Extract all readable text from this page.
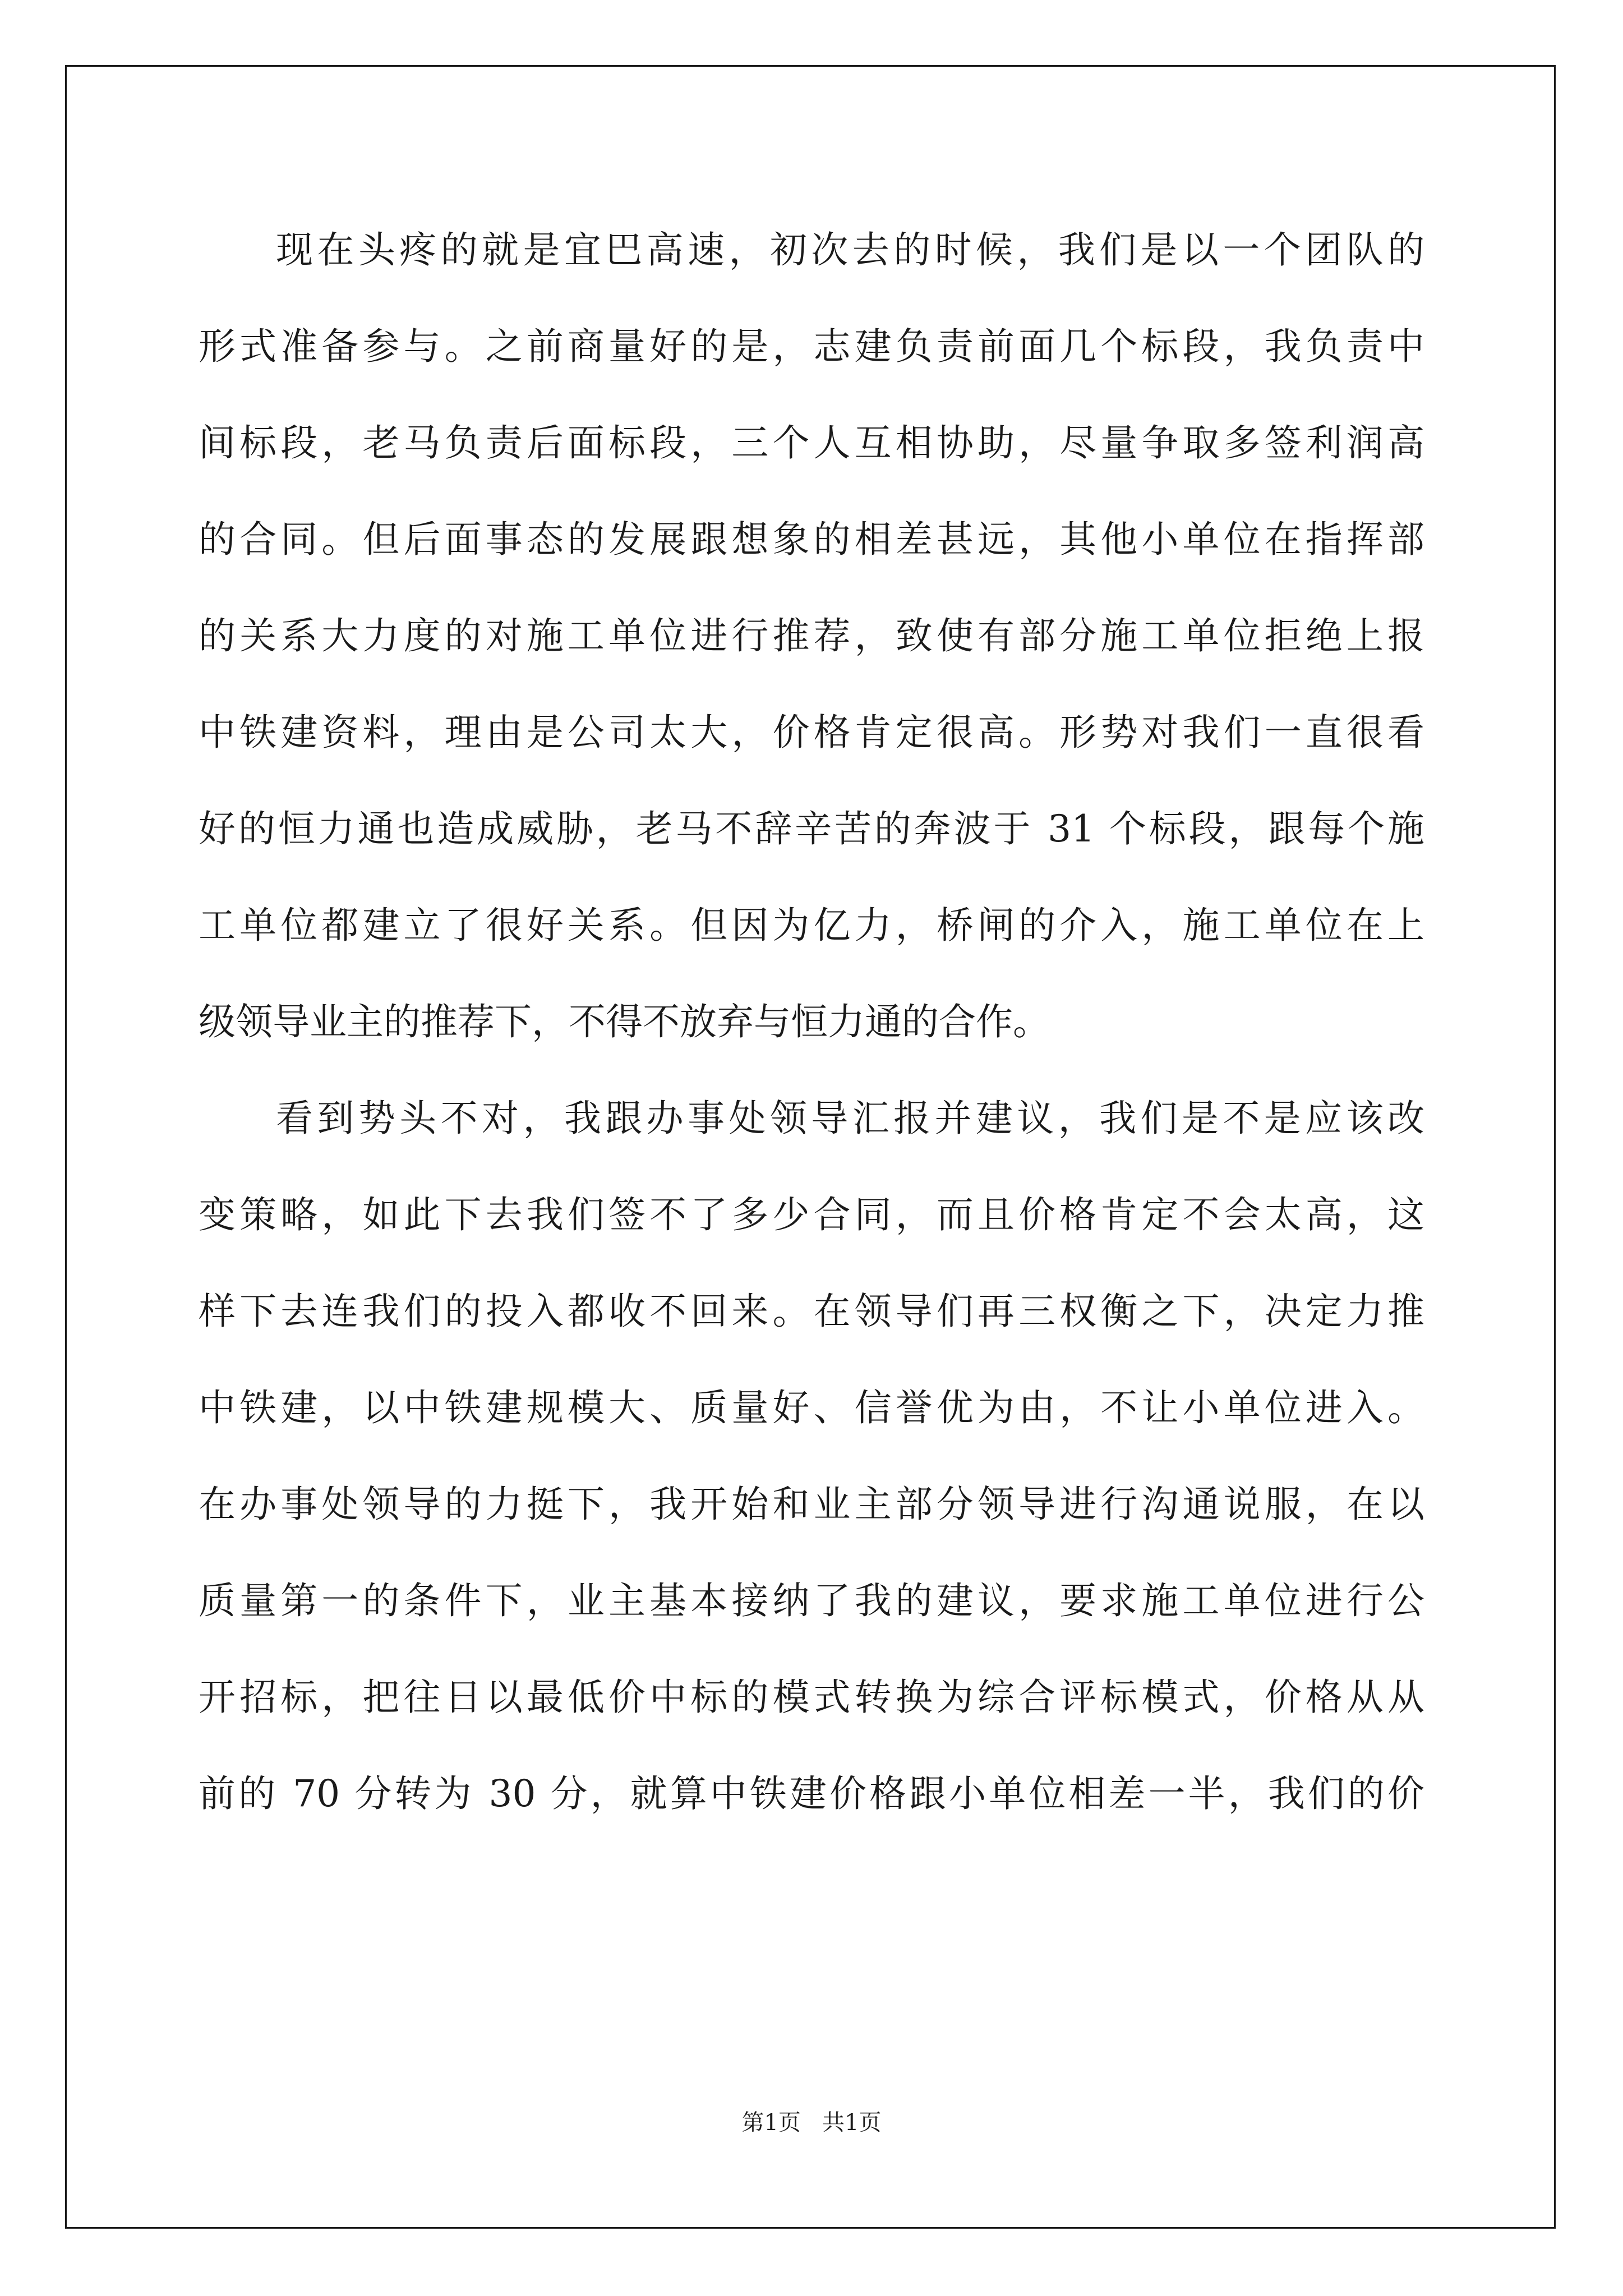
现在头疼的就是宜巴高速，初次去的时候，我们是以一个团队的
形式准备参与。之前商量好的是，志建负责前面几个标段，我负责中
间标段，老马负责后面标段，三个人互相协助，尽量争取多签利润高
的合同。但后面事态的发展跟想象的相差甚远，其他小单位在指挥部
的关系大力度的对施工单位进行推荐，致使有部分施工单位拒绝上报
中铁建资料，理由是公司太大，价格肯定很高。形势对我们一直很看
好的恒力通也造成威胁，老马不辞辛苦的奔波于 31 个标段，跟每个施
工单位都建立了很好关系。但因为亿力，桥闸的介入，施工单位在上
级领导业主的推荐下，不得不放弃与恒力通的合作。
看到势头不对，我跟办事处领导汇报并建议，我们是不是应该改
变策略，如此下去我们签不了多少合同，而且价格肯定不会太高，这
样下去连我们的投入都收不回来。在领导们再三权衡之下，决定力推
中铁建，以中铁建规模大、质量好、信誉优为由，不让小单位进入。
在办事处领导的力挺下，我开始和业主部分领导进行沟通说服，在以
质量第一的条件下，业主基本接纳了我的建议，要求施工单位进行公
开招标，把往日以最低价中标的模式转换为综合评标模式，价格从从
前的 70 分转为 30 分，就算中铁建价格跟小单位相差一半，我们的价
第1页   共1页
